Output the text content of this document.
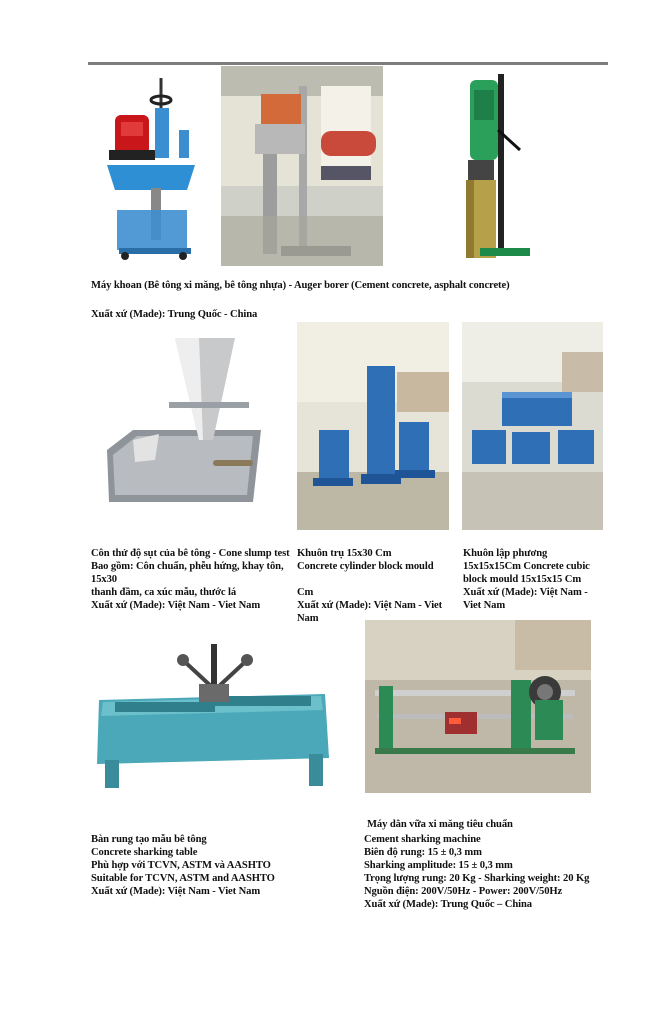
Máy khoan (Bê tông xi măng, bê tông nhựa) - Auger borer (Cement concrete, asphalt concrete)
Xuất xứ (Made): Trung Quốc - China
Côn thử độ sụt của bê tông - Cone slump test
Bao gồm: Côn chuẩn, phễu hứng, khay tôn,
15x30
thanh đầm, ca xúc mẫu, thước lá
Xuất xứ (Made): Việt Nam - Viet Nam
Khuôn trụ 15x30 Cm
Concrete cylinder block mould

Cm
Xuất xứ (Made): Việt Nam - Viet
Nam
Khuôn lập phương
15x15x15Cm Concrete cubic
block mould 15x15x15 Cm
Xuất xứ (Made): Việt Nam -
Viet Nam
Bàn rung tạo mẫu bê tông
Concrete sharking table
Phù hợp với TCVN, ASTM và AASHTO
Suitable for TCVN, ASTM and AASHTO
Xuất xứ (Made): Việt Nam - Viet Nam
Máy dằn vữa xi măng tiêu chuẩn
Cement sharking machine
Biên độ rung: 15 ± 0,3 mm
Sharking amplitude: 15 ± 0,3 mm
Trọng lượng rung: 20 Kg - Sharking weight: 20 Kg
Nguồn điện: 200V/50Hz - Power: 200V/50Hz
Xuất xứ (Made): Trung Quốc – China
